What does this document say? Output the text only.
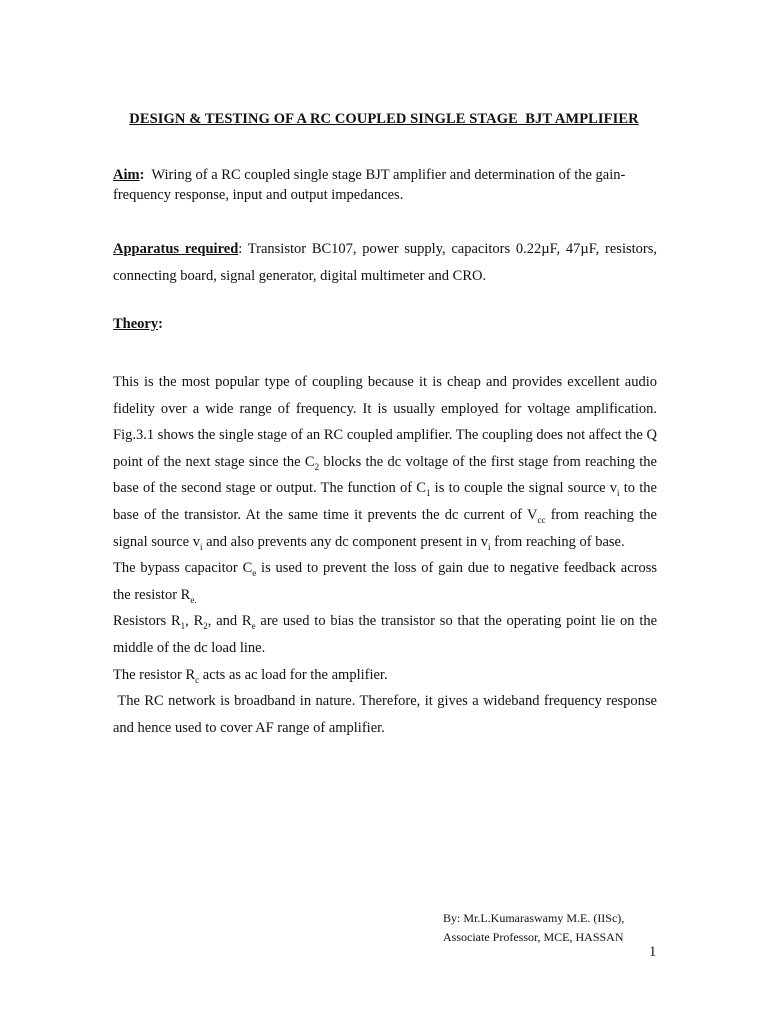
DESIGN & TESTING OF A RC COUPLED SINGLE STAGE  BJT AMPLIFIER
Aim:  Wiring of a RC coupled single stage BJT amplifier and determination of the gain-frequency response, input and output impedances.
Apparatus required: Transistor BC107, power supply, capacitors 0.22µF, 47µF, resistors, connecting board, signal generator, digital multimeter and CRO.
Theory:

This is the most popular type of coupling because it is cheap and provides excellent audio fidelity over a wide range of frequency. It is usually employed for voltage amplification. Fig.3.1 shows the single stage of an RC coupled amplifier. The coupling does not affect the Q point of the next stage since the $C_2$ blocks the dc voltage of the first stage from reaching the base of the second stage or output. The function of $C_1$ is to couple the signal source $v_i$ to the base of the transistor. At the same time it prevents the dc current of $V_{cc}$ from reaching the signal source $v_i$ and also prevents any dc component present in $v_i$ from reaching of base.

The bypass capacitor $C_e$ is used to prevent the loss of gain due to negative feedback across the resistor $R_{e.}$

Resistors $R_1$, $R_2$, and $R_e$ are used to bias the transistor so that the operating point lie on the middle of the dc load line.

The resistor $R_c$ acts as ac load for the amplifier.

The RC network is broadband in nature. Therefore, it gives a wideband frequency response and hence used to cover AF range of amplifier.

By: Mr.L.Kumaraswamy M.E. (IISc),
Associate Professor, MCE, HASSAN
1
